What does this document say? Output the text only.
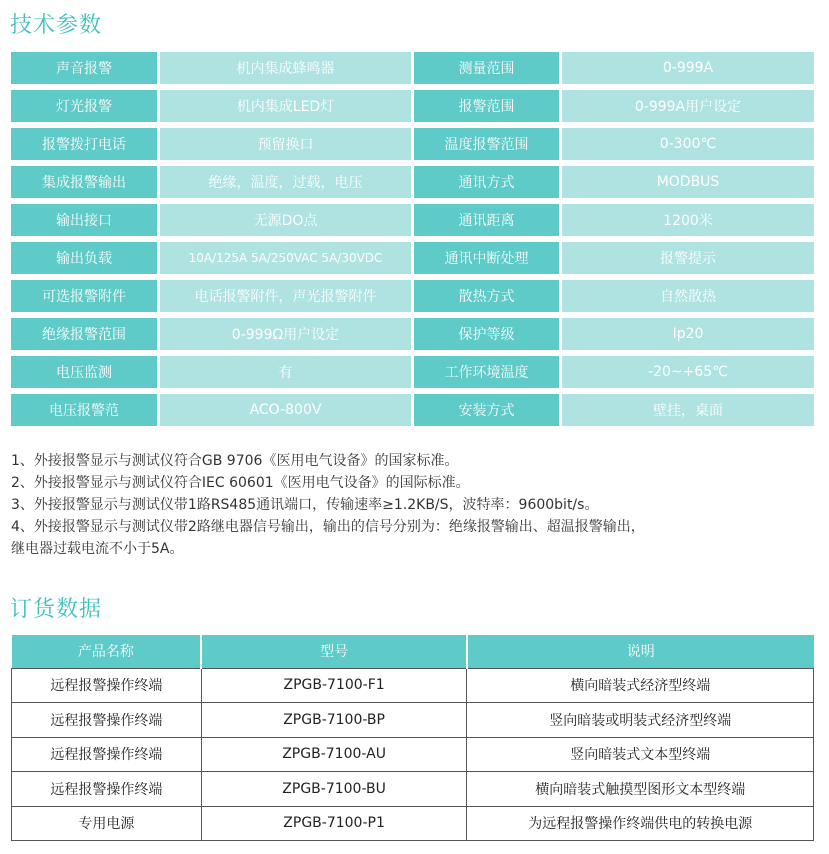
技术参数
声音报警	机内集成蜂鸣器	测量范围	0-999A
灯光报警	机内集成LED灯	报警范围	0-999A用户设定
报警拨打电话	预留换口	温度报警范围	0-300℃
集成报警输出	绝缘，温度，过载，电压	通讯方式	MODBUS
输出接口	无源DO点	通讯距离	1200米
输出负载	10A/125A 5A/250VAC 5A/30VDC	通讯中断处理	报警提示
可选报警附件	电话报警附件，声光报警附件	散热方式	自然散热
绝缘报警范围	0-999Ω用户设定	保护等级	Ip20
电压监测	有	工作环境温度	-20~+65℃
电压报警范	ACO-800V	安装方式	壁挂，桌面

1、外接报警显示与测试仪符合GB 9706《医用电气设备》的国家标准。

2、外接报警显示与测试仪符合IEC 60601《医用电气设备》的国际标准。

3、外接报警显示与测试仪带1路RS485通讯端口，传输速率≥1.2KB/S，波特率：9600bit/s。

4、外接报警显示与测试仪带2路继电器信号输出，输出的信号分别为：绝缘报警输出、超温报警输出，

继电器过载电流不小于5A。

订货数据
产品名称	型号	说明
远程报警操作终端	ZPGB-7100-F1	横向暗装式经济型终端
远程报警操作终端	ZPGB-7100-BP	竖向暗装或明装式经济型终端
远程报警操作终端	ZPGB-7100-AU	竖向暗装式文本型终端
远程报警操作终端	ZPGB-7100-BU	横向暗装式触摸型图形文本型终端
专用电源	ZPGB-7100-P1	为远程报警操作终端供电的转换电源
